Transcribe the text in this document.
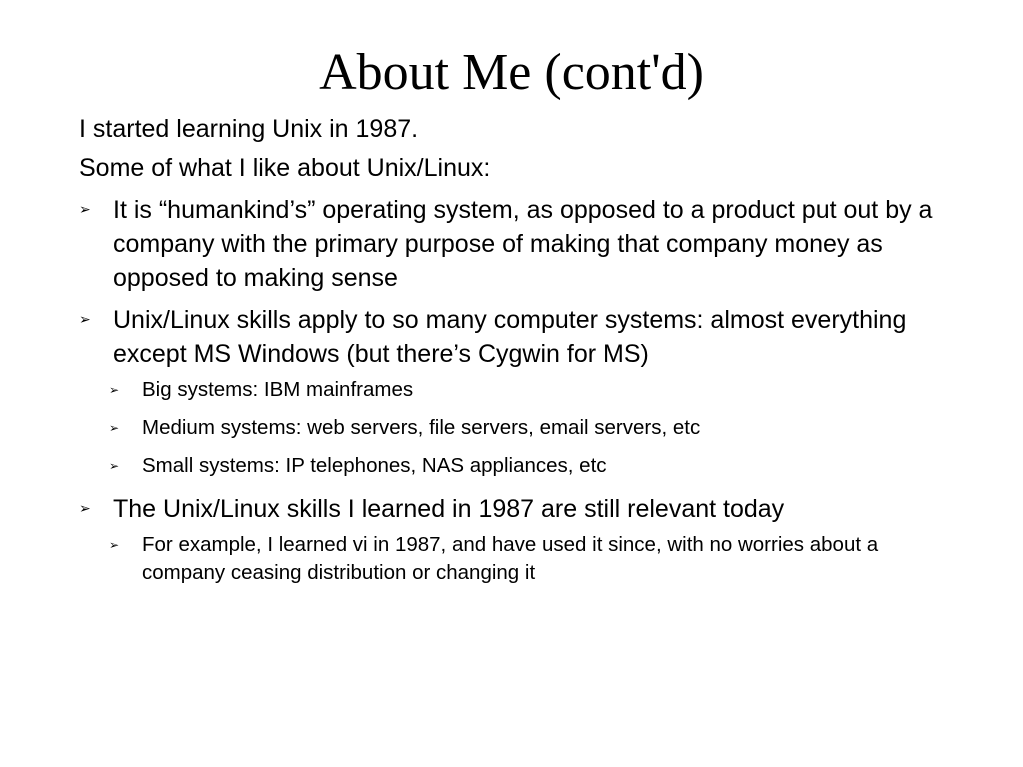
About Me (cont'd)

I started learning Unix in 1987.

Some of what I like about Unix/Linux:

➢ It is “humankind’s” operating system, as opposed to a product put out by a company with the primary purpose of making that company money as opposed to making sense
➢ Unix/Linux skills apply to so many computer systems: almost everything except MS Windows (but there’s Cygwin for MS)
➢ Big systems: IBM mainframes
➢ Medium systems: web servers, file servers, email servers, etc
➢ Small systems: IP telephones, NAS appliances, etc
➢ The Unix/Linux skills I learned in 1987 are still relevant today
➢ For example, I learned vi in 1987, and have used it since, with no worries about a company ceasing distribution or changing it
